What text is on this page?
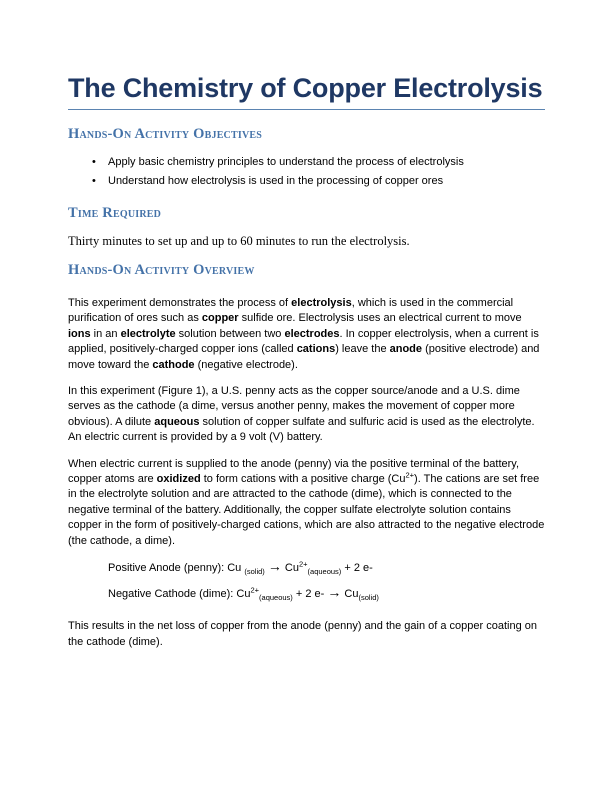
The Chemistry of Copper Electrolysis
Hands-On Activity Objectives
•	Apply basic chemistry principles to understand the process of electrolysis
•	Understand how electrolysis is used in the processing of copper ores
Time Required

Thirty minutes to set up and up to 60 minutes to run the electrolysis.

Hands-On Activity Overview

This experiment demonstrates the process of electrolysis, which is used in the commercial purification of ores such as copper sulfide ore. Electrolysis uses an electrical current to move ions in an electrolyte solution between two electrodes. In copper electrolysis, when a current is applied, positively-charged copper ions (called cations) leave the anode (positive electrode) and move toward the cathode (negative electrode).

In this experiment (Figure 1), a U.S. penny acts as the copper source/anode and a U.S. dime serves as the cathode (a dime, versus another penny, makes the movement of copper more obvious). A dilute aqueous solution of copper sulfate and sulfuric acid is used as the electrolyte. An electric current is provided by a 9 volt (V) battery.

When electric current is supplied to the anode (penny) via the positive terminal of the battery, copper atoms are oxidized to form cations with a positive charge $(Cu^{2+})$. The cations are set free in the electrolyte solution and are attracted to the cathode (dime), which is connected to the negative terminal of the battery. Additionally, the copper sulfate electrolyte solution contains copper in the form of positively-charged cations, which are also attracted to the negative electrode (the cathode, a dime).

Positive Anode (penny): Cu $_{(solid)} \to Cu^{2+}_{(aqueous)} + 2$ e-

Negative Cathode (dime): $Cu^{2+}_{(aqueous)} + 2$ $e- \to Cu_{(solid)}$

This results in the net loss of copper from the anode (penny) and the gain of a copper coating on the cathode (dime).
